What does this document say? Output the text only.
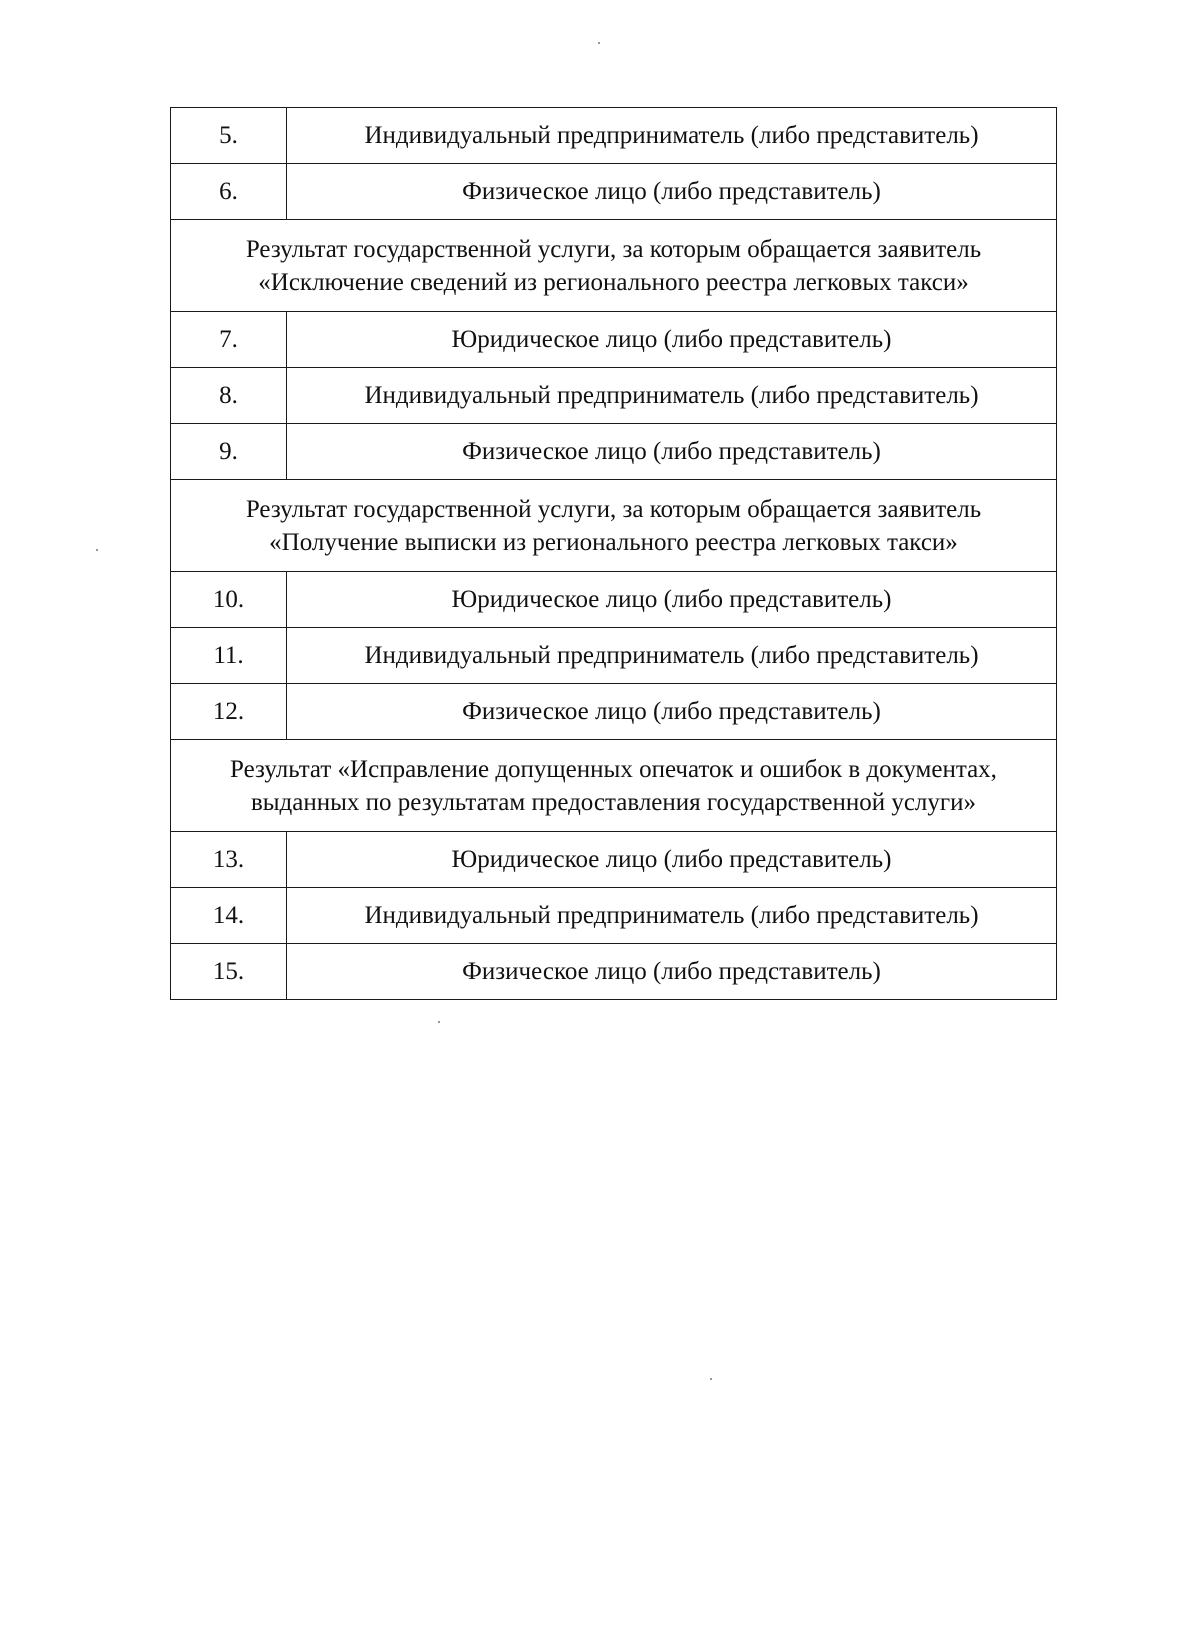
5.	Индивидуальный предприниматель (либо представитель)
6.	Физическое лицо (либо представитель)

Результат государственной услуги, за которым обращается заявитель
«Исключение сведений из регионального реестра легковых такси»	

7.	Юридическое лицо (либо представитель)
8.	Индивидуальный предприниматель (либо представитель)
9.	Физическое лицо (либо представитель)

Результат государственной услуги, за которым обращается заявитель
«Получение выписки из регионального реестра легковых такси»	

10.	Юридическое лицо (либо представитель)
11.	Индивидуальный предприниматель (либо представитель)
12.	Физическое лицо (либо представитель)

Результат «Исправление допущенных опечаток и ошибок в документах,
выданных по результатам предоставления государственной услуги»	

13.	Юридическое лицо (либо представитель)
14.	Индивидуальный предприниматель (либо представитель)
15.	Физическое лицо (либо представитель)
